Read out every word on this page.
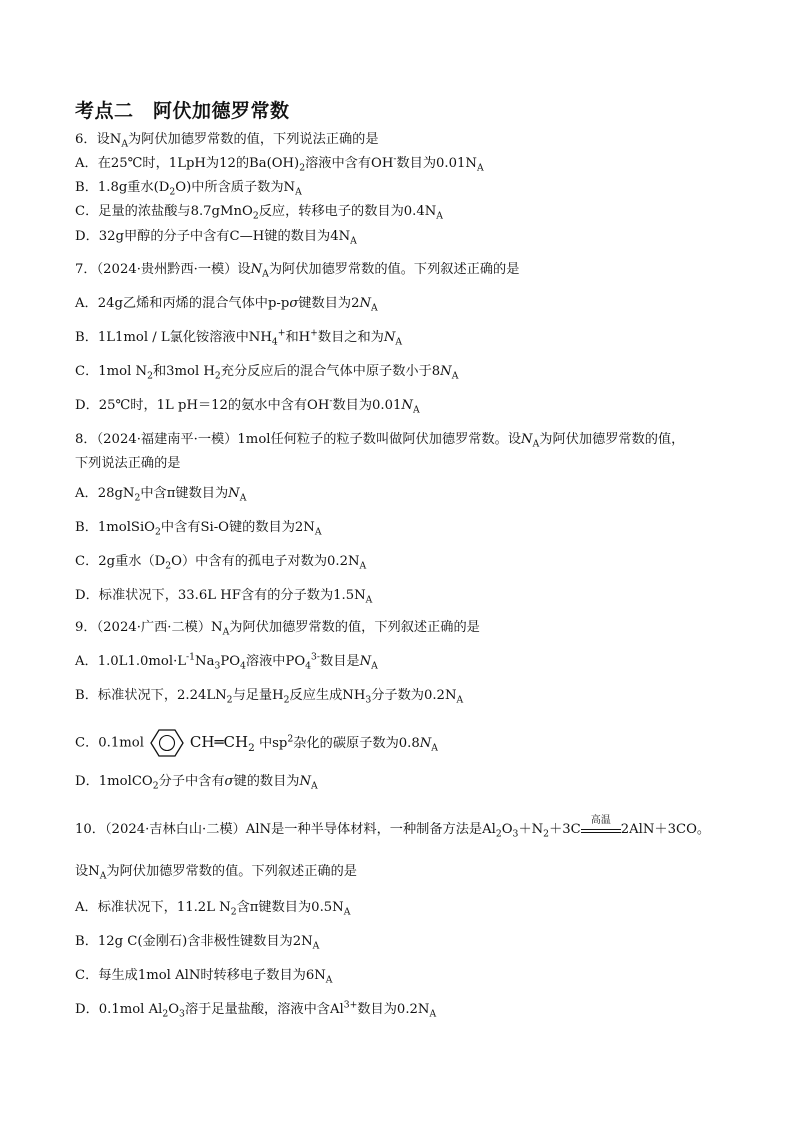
考点二　阿伏加德罗常数
6．设$N_A$为阿伏加德罗常数的值，下列说法正确的是
A．在25℃时，1LpH为12的$Ba(OH)_2$溶液中含有OH-数目为$0.01N_A$
B．1.8g重水$(D_2O)$中所含质子数为$N_A$
C．足量的浓盐酸与8.7gMnO$_2$反应，转移电子的数目为$0.4N_A$
D．32g甲醇的分子中含有C—H键的数目为$4N_A$
7．（2024·贵州黔西·一模）设$N_A$为阿伏加德罗常数的值。下列叙述正确的是
A．24g乙烯和丙烯的混合气体中p-pσ键数目为$2N_A$
B．1L1mol / L氯化铵溶液中$NH_4^+$和H+数目之和为$N_A$
C．1mol $N_2$和3mol $H_2$充分反应后的混合气体中原子数小于$8N_A$
D．25℃时，1L pH＝12的氨水中含有OH-数目为$0.01N_A$
8．（2024·福建南平·一模）1mol任何粒子的粒子数叫做阿伏加德罗常数。设$N_A$为阿伏加德罗常数的值，
下列说法正确的是
A．$28gN_2$中含π键数目为$N_A$
B．1molSiO$_2$中含有Si-O键的数目为$2N_A$
C．2g重水$(D_2O)$中含有的孤电子对数为$0.2N_A$
D．标准状况下，33.6L HF含有的分子数为$1.5N_A$
9．（2024·广西·二模）$N_A$为阿伏加德罗常数的值，下列叙述正确的是
A．$1.0L1.0mol\cdot L^{-1}Na_3PO_4$溶液中$PO_4^{3-}$数目是$N_A$
B．标准状况下，$2.24LN_2$与足量$H_2$反应生成$NH_3$分子数为$0.2N_A$
C．0.1mol	$CH═CH_2$ 中$sp^2$杂化的碳原子数为$0.8N_A$
D．1molCO$_2$分子中含有σ键的数目为$N_A$
10．（2024·吉林白山·二模）AlN是一种半导体材料，一种制备方法是$Al_2O_3+N_2+3C$
高温
2AlN＋3CO。
设$N_A$为阿伏加德罗常数的值。下列叙述正确的是
A．标准状况下，11.2L $N_2$含π键数目为$0.5N_A$
B．12g C(金刚石)含非极性键数目为$2N_A$
C．每生成1mol AlN时转移电子数目为$6N_A$
D．0.1mol $Al_2O_3$溶于足量盐酸，溶液中含$Al^{3+}$数目为$0.2N_A$
